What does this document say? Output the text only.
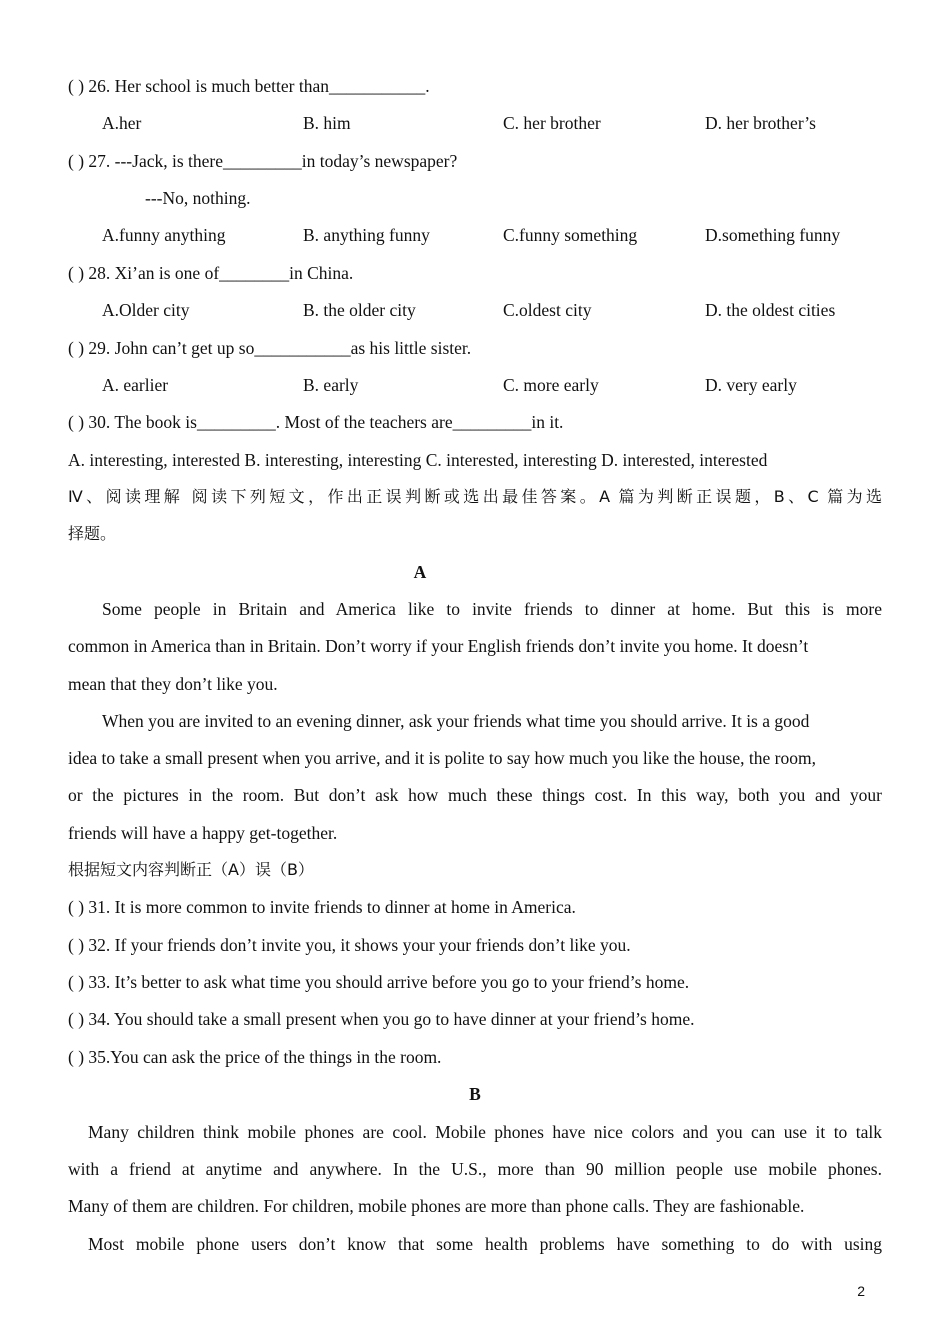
( ) 26. Her school is much better than___________.
A.her	B. him	C. her brother	D. her brother’s
( ) 27. ---Jack, is there_________in today’s newspaper?
---No, nothing.
A.funny anything	B. anything funny	C.funny something	D.something funny
( ) 28. Xi’an is one of________in China.
A.Older city	B. the older city	C.oldest city	D. the oldest cities
( ) 29. John can’t get up so___________as his little sister.
A. earlier	B. early	C. more early	D. very early
( ) 30. The book is_________. Most of the teachers are_________in it.
A. interesting, interested B. interesting, interesting C. interested, interesting D. interested, interested
Ⅳ、阅读理解 阅读下列短文，作出正误判断或选出最佳答案。A 篇为判断正误题，B、C 篇为选
择题。
A
Some people in Britain and America like to invite friends to dinner at home. But this is more
common in America than in Britain. Don’t worry if your English friends don’t invite you home. It doesn’t
mean that they don’t like you.
When you are invited to an evening dinner, ask your friends what time you should arrive. It is a good
idea to take a small present when you arrive, and it is polite to say how much you like the house, the room,
or the pictures in the room. But don’t ask how much these things cost. In this way, both you and your
friends will have a happy get-together.
根据短文内容判断正（A）误（B）
( ) 31. It is more common to invite friends to dinner at home in America.
( ) 32. If your friends don’t invite you, it shows your your friends don’t like you.
( ) 33. It’s better to ask what time you should arrive before you go to your friend’s home.
( ) 34. You should take a small present when you go to have dinner at your friend’s home.
( ) 35.You can ask the price of the things in the room.
B
Many children think mobile phones are cool. Mobile phones have nice colors and you can use it to talk
with a friend at anytime and anywhere. In the U.S., more than 90 million people use mobile phones.
Many of them are children. For children, mobile phones are more than phone calls. They are fashionable.
Most mobile phone users don’t know that some health problems have something to do with using
2
